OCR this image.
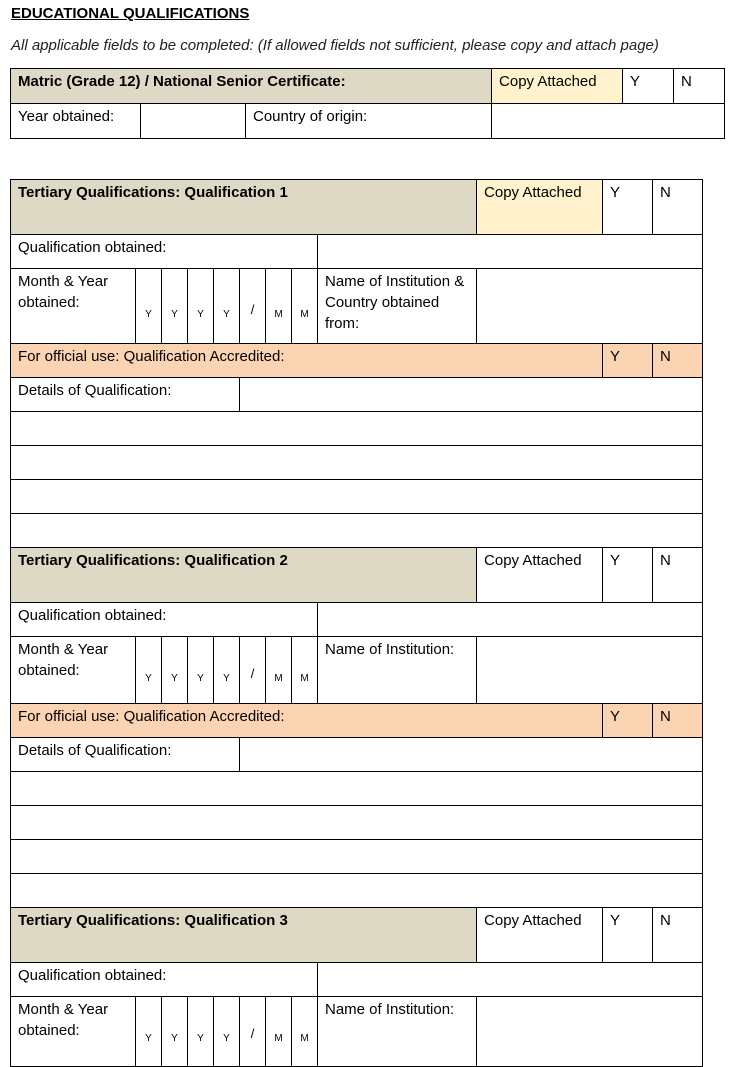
EDUCATIONAL QUALIFICATIONS
All applicable fields to be completed: (If allowed fields not sufficient, please copy and attach page)
Matric (Grade 12) / National Senior Certificate:			Copy Attached	Y	N
Year obtained:		Country of origin:			
Tertiary Qualifications: Qualification 1									Copy Attached	Y	N
Qualification obtained:											
Month & Year obtained:	Y	Y	Y	Y	/	M	M	Name of Institution & Country obtained from:			
For official use: Qualification Accredited:										Y	N
Details of Qualification:											

Tertiary Qualifications: Qualification 2									Copy Attached	Y	N
Qualification obtained:											
Month & Year obtained:	Y	Y	Y	Y	/	M	M	Name of Institution:			
For official use: Qualification Accredited:										Y	N
Details of Qualification:											

Tertiary Qualifications: Qualification 3									Copy Attached	Y	N
Qualification obtained:											
Month & Year obtained:	Y	Y	Y	Y	/	M	M	Name of Institution:			
